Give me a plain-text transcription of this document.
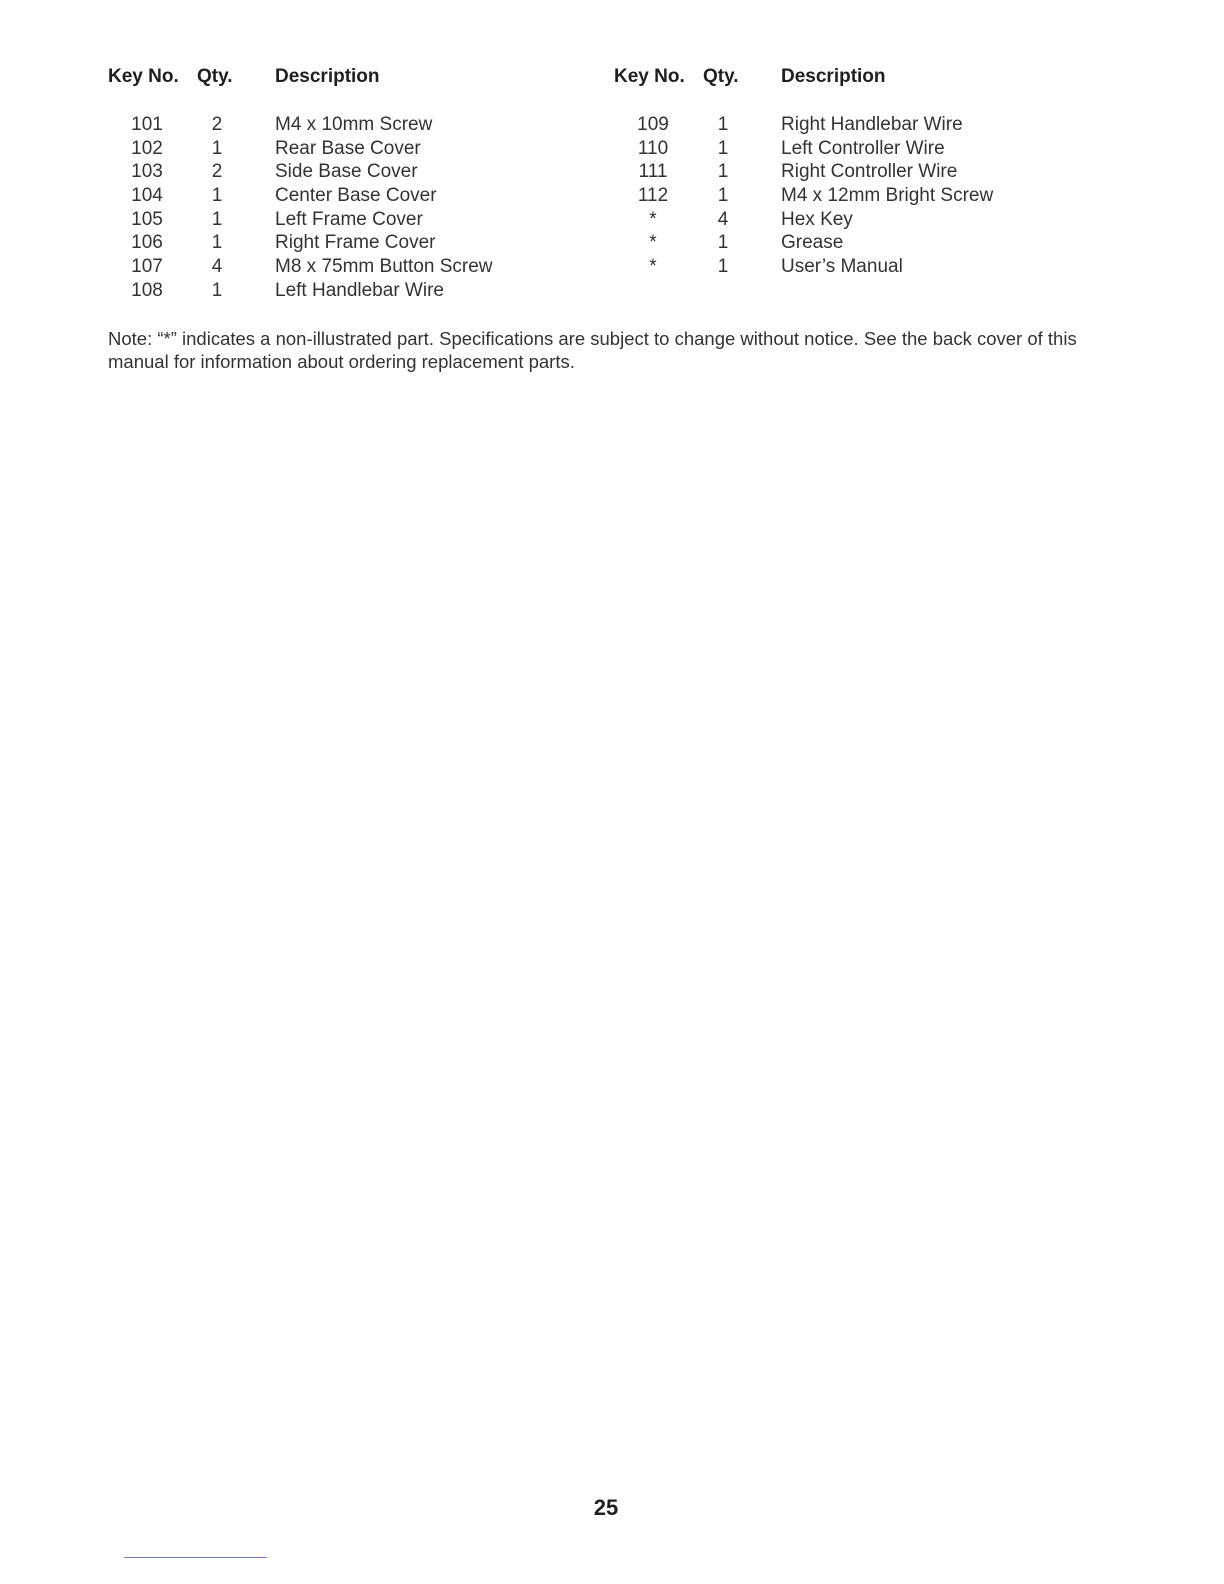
Key No. Qty. Description
101	2	M4 x 10mm Screw
102	1	Rear Base Cover
103	2	Side Base Cover
104	1	Center Base Cover
105	1	Left Frame Cover
106	1	Right Frame Cover
107	4	M8 x 75mm Button Screw
108	1	Left Handlebar Wire
Key No. Qty. Description
109	1	Right Handlebar Wire
110	1	Left Controller Wire
111	1	Right Controller Wire
112	1	M4 x 12mm Bright Screw
*	4	Hex Key
*	1	Grease
*	1	User’s Manual

Note: “*” indicates a non-illustrated part. Specifications are subject to change without notice. See the back cover of this manual for information about ordering replacement parts.

25
